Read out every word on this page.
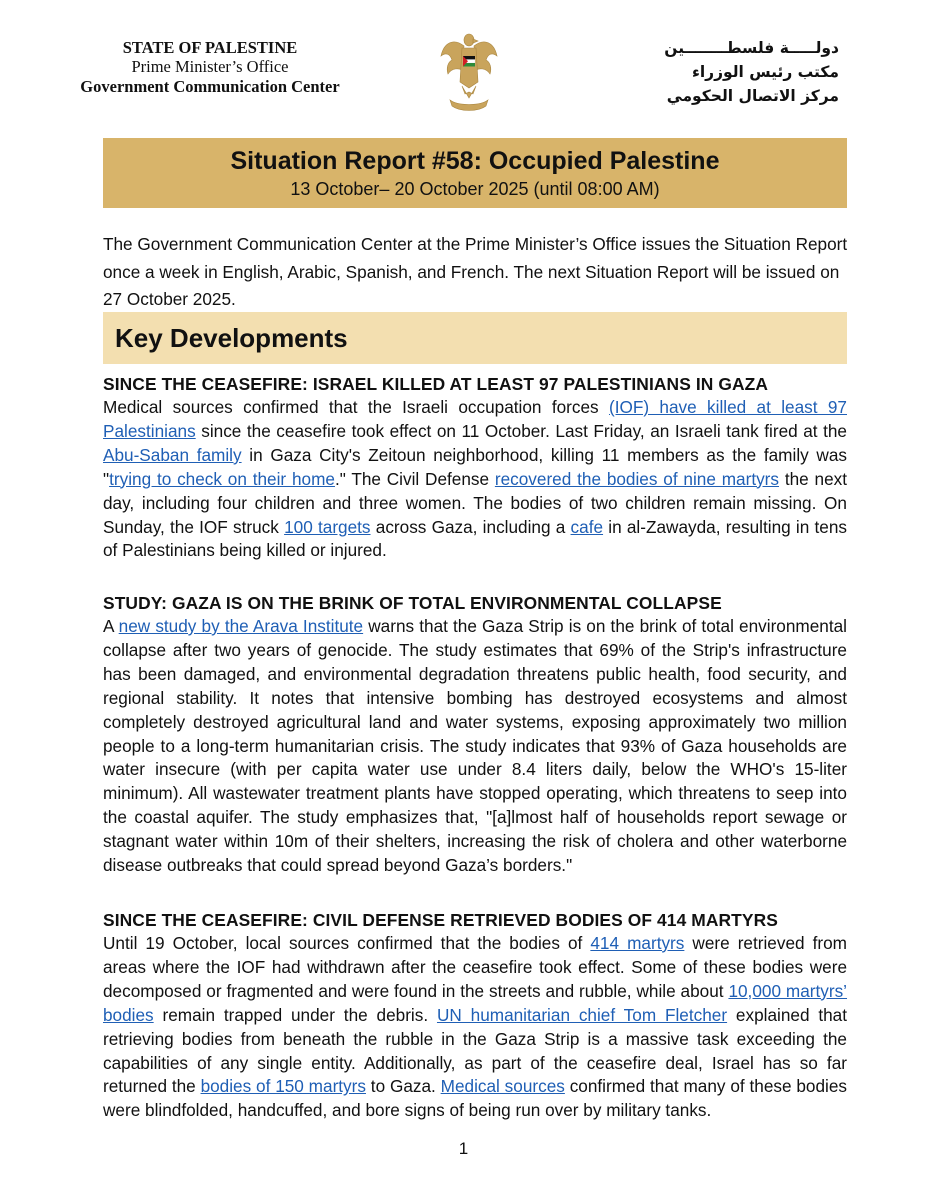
STATE OF PALESTINE
Prime Minister’s Office
Government Communication Center
دولـــــة فلسطــــــــين
مكتب رئيس الوزراء
مركز الاتصال الحكومي
Situation Report #58: Occupied Palestine
13 October– 20 October 2025 (until 08:00 AM)
The Government Communication Center at the Prime Minister’s Office issues the Situation Report once a week in English, Arabic, Spanish, and French. The next Situation Report will be issued on 27 October 2025.
Key Developments
SINCE THE CEASEFIRE: ISRAEL KILLED AT LEAST 97 PALESTINIANS IN GAZA

Medical sources confirmed that the Israeli occupation forces (IOF) have killed at least 97 Palestinians since the ceasefire took effect on 11 October. Last Friday, an Israeli tank fired at the Abu-Saban family in Gaza City's Zeitoun neighborhood, killing 11 members as the family was "trying to check on their home." The Civil Defense recovered the bodies of nine martyrs the next day, including four children and three women. The bodies of two children remain missing. On Sunday, the IOF struck 100 targets across Gaza, including a cafe in al-Zawayda, resulting in tens of Palestinians being killed or injured.

STUDY: GAZA IS ON THE BRINK OF TOTAL ENVIRONMENTAL COLLAPSE

A new study by the Arava Institute warns that the Gaza Strip is on the brink of total environmental collapse after two years of genocide. The study estimates that 69% of the Strip's infrastructure has been damaged, and environmental degradation threatens public health, food security, and regional stability. It notes that intensive bombing has destroyed ecosystems and almost completely destroyed agricultural land and water systems, exposing approximately two million people to a long-term humanitarian crisis. The study indicates that 93% of Gaza households are water insecure (with per capita water use under 8.4 liters daily, below the WHO's 15-liter minimum). All wastewater treatment plants have stopped operating, which threatens to seep into the coastal aquifer. The study emphasizes that, "[a]lmost half of households report sewage or stagnant water within 10m of their shelters, increasing the risk of cholera and other waterborne disease outbreaks that could spread beyond Gaza’s borders."

SINCE THE CEASEFIRE: CIVIL DEFENSE RETRIEVED BODIES OF 414 MARTYRS

Until 19 October, local sources confirmed that the bodies of 414 martyrs were retrieved from areas where the IOF had withdrawn after the ceasefire took effect. Some of these bodies were decomposed or fragmented and were found in the streets and rubble, while about 10,000 martyrs’ bodies remain trapped under the debris. UN humanitarian chief Tom Fletcher explained that retrieving bodies from beneath the rubble in the Gaza Strip is a massive task exceeding the capabilities of any single entity. Additionally, as part of the ceasefire deal, Israel has so far returned the bodies of 150 martyrs to Gaza. Medical sources confirmed that many of these bodies were blindfolded, handcuffed, and bore signs of being run over by military tanks.

1
